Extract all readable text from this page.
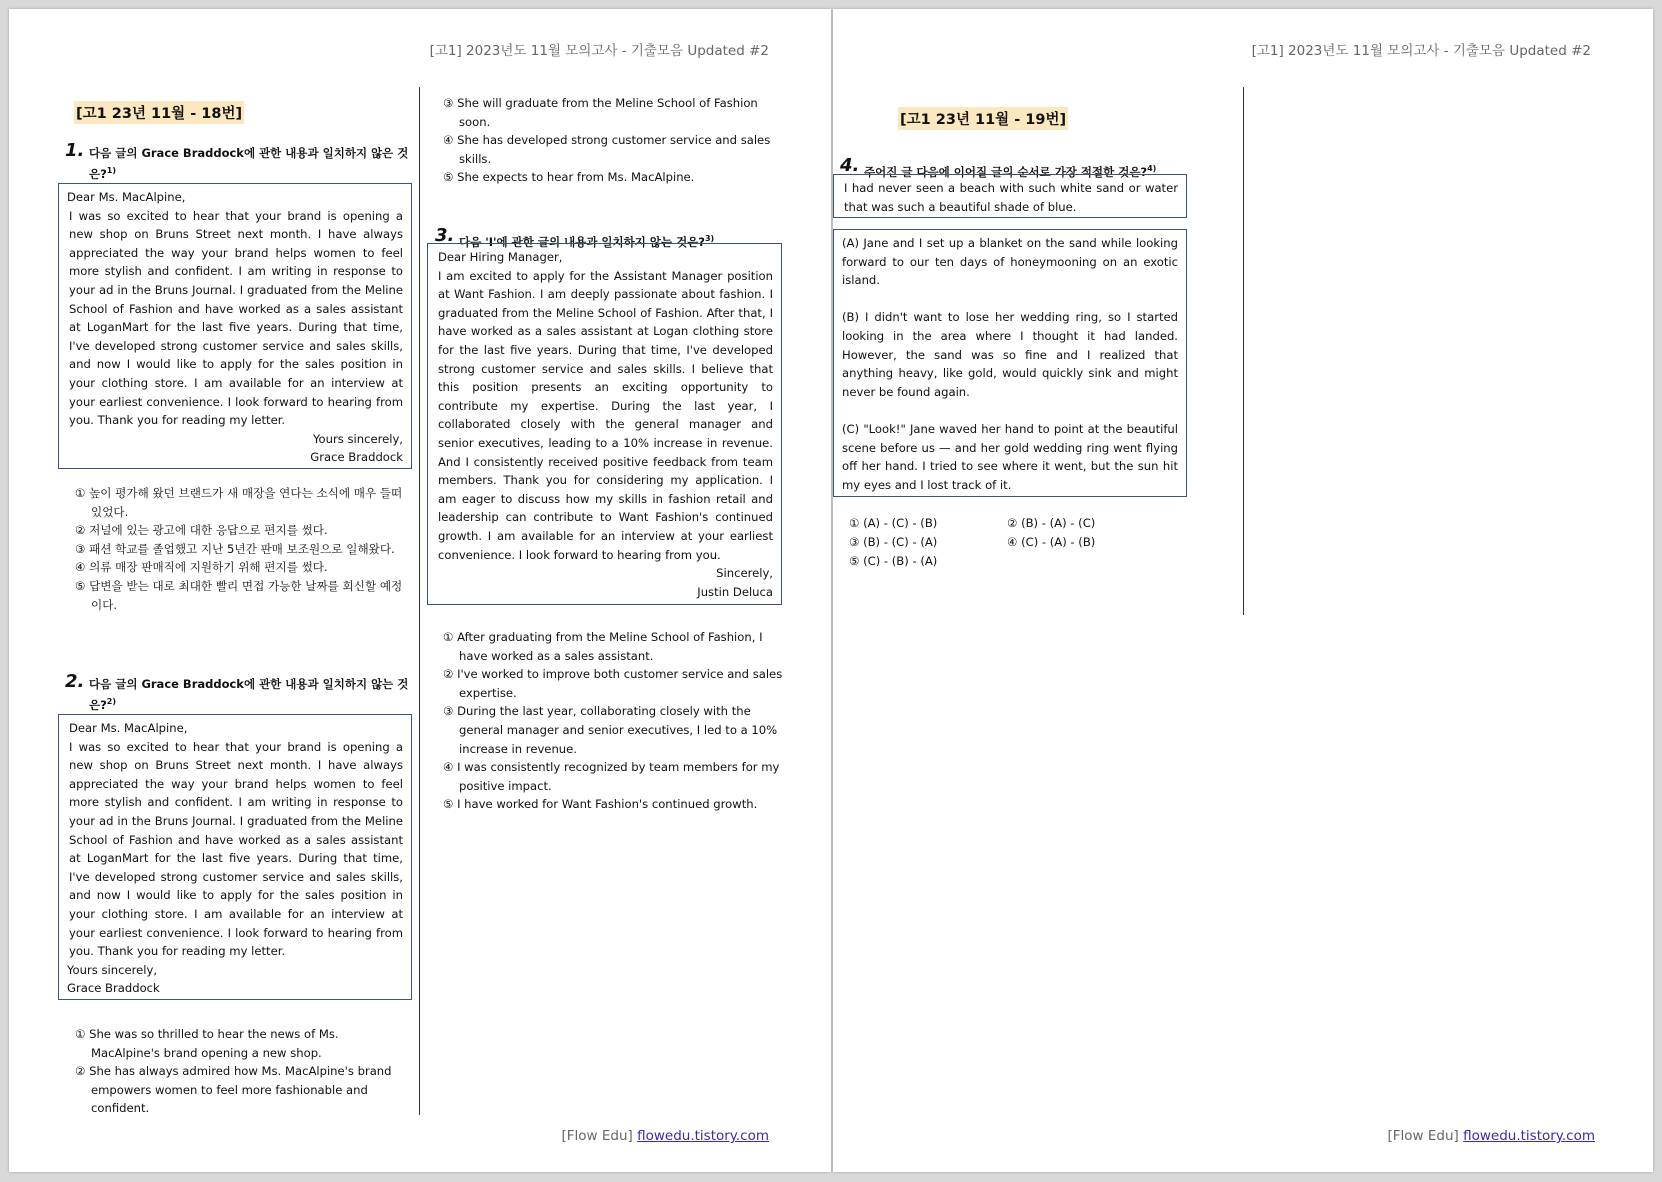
[고1] 2023년도 11월 모의고사 - 기출모음 Updated #2
[고1 23년 11월 - 18번]
1. 다음 글의 Grace Braddock에 관한 내용과 일치하지 않은 것은?$^{1)}$

Dear Ms. MacAlpine,

I was so excited to hear that your brand is opening a new shop on Bruns Street next month. I have always appreciated the way your brand helps women to feel more stylish and confident. I am writing in response to your ad in the Bruns Journal. I graduated from the Meline School of Fashion and have worked as a sales assistant at LoganMart for the last five years. During that time, I've developed strong customer service and sales skills, and now I would like to apply for the sales position in your clothing store. I am available for an interview at your earliest convenience. I look forward to hearing from you. Thank you for reading my letter.

Yours sincerely,

Grace Braddock

① 높이 평가해 왔던 브랜드가 새 매장을 연다는 소식에 매우 들떠있었다.
② 저널에 있는 광고에 대한 응답으로 편지를 썼다.
③ 패션 학교를 졸업했고 지난 5년간 판매 보조원으로 일해왔다.
④ 의류 매장 판매직에 지원하기 위해 편지를 썼다.
⑤ 답변을 받는 대로 최대한 빨리 면접 가능한 날짜를 회신할 예정이다.
2. 다음 글의 Grace Braddock에 관한 내용과 일치하지 않는 것은?$^{2)}$

Dear Ms. MacAlpine,

I was so excited to hear that your brand is opening a new shop on Bruns Street next month. I have always appreciated the way your brand helps women to feel more stylish and confident. I am writing in response to your ad in the Bruns Journal. I graduated from the Meline School of Fashion and have worked as a sales assistant at LoganMart for the last five years. During that time, I've developed strong customer service and sales skills, and now I would like to apply for the sales position in your clothing store. I am available for an interview at your earliest convenience. I look forward to hearing from you. Thank you for reading my letter.

Yours sincerely,

Grace Braddock

① She was so thrilled to hear the news of Ms. MacAlpine's brand opening a new shop.
② She has always admired how Ms. MacAlpine's brand empowers women to feel more fashionable and confident.
③ She will graduate from the Meline School of Fashion soon.
④ She has developed strong customer service and sales skills.
⑤ She expects to hear from Ms. MacAlpine.
3. 다음 'I'에 관한 글의 내용과 일치하지 않는 것은?$^{3)}$

Dear Hiring Manager,

I am excited to apply for the Assistant Manager position at Want Fashion. I am deeply passionate about fashion. I graduated from the Meline School of Fashion. After that, I have worked as a sales assistant at Logan clothing store for the last five years. During that time, I've developed strong customer service and sales skills. I believe that this position presents an exciting opportunity to contribute my expertise. During the last year, I collaborated closely with the general manager and senior executives, leading to a 10% increase in revenue. And I consistently received positive feedback from team members. Thank you for considering my application. I am eager to discuss how my skills in fashion retail and leadership can contribute to Want Fashion's continued growth. I am available for an interview at your earliest convenience. I look forward to hearing from you.

Sincerely,

Justin Deluca

① After graduating from the Meline School of Fashion, I have worked as a sales assistant.
② I've worked to improve both customer service and sales expertise.
③ During the last year, collaborating closely with the general manager and senior executives, I led to a 10% increase in revenue.
④ I was consistently recognized by team members for my positive impact.
⑤ I have worked for Want Fashion's continued growth.
[Flow Edu] flowedu.tistory.com
[고1] 2023년도 11월 모의고사 - 기출모음 Updated #2
[고1 23년 11월 - 19번]
4. 주어진 글 다음에 이어질 글의 순서로 가장 적절한 것은?$^{4)}$

I had never seen a beach with such white sand or water that was such a beautiful shade of blue.

(A) Jane and I set up a blanket on the sand while looking forward to our ten days of honeymooning on an exotic island.

(B) I didn't want to lose her wedding ring, so I started looking in the area where I thought it had landed. However, the sand was so fine and I realized that anything heavy, like gold, would quickly sink and might never be found again.

(C) "Look!" Jane waved her hand to point at the beautiful scene before us — and her gold wedding ring went flying off her hand. I tried to see where it went, but the sun hit my eyes and I lost track of it.

① (A) - (C) - (B)	② (B) - (A) - (C)
③ (B) - (C) - (A)	④ (C) - (A) - (B)
⑤ (C) - (B) - (A)
[Flow Edu] flowedu.tistory.com
